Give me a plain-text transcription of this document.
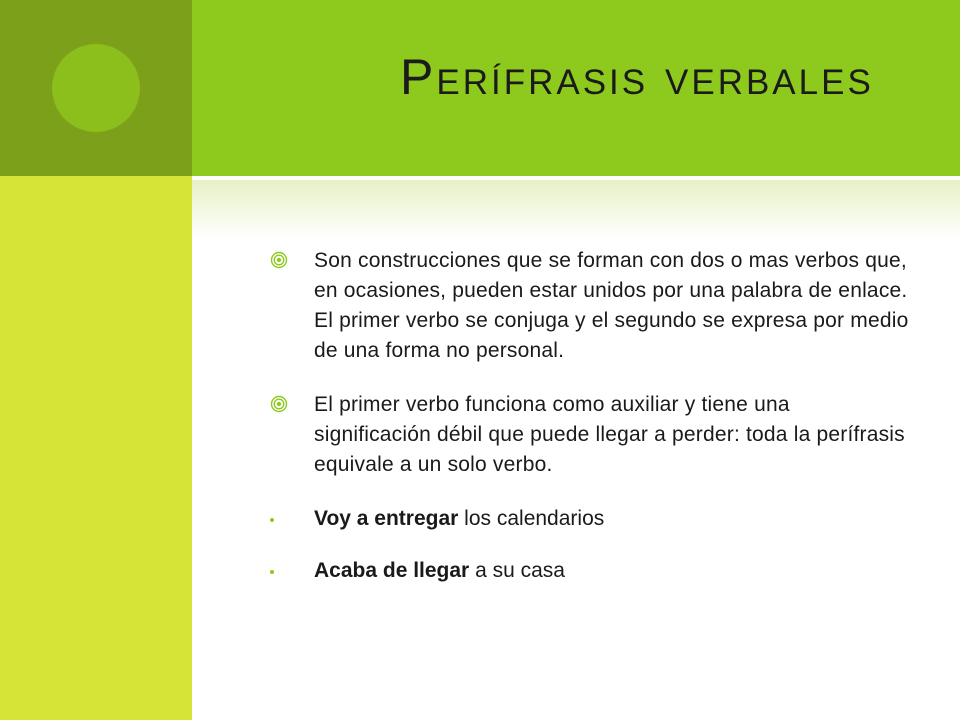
Perífrasis verbales

Son construcciones que se forman con dos o mas verbos que, en ocasiones, pueden estar unidos por una palabra de enlace. El primer verbo se conjuga y el segundo se expresa por medio de una forma no personal.

El primer verbo funciona como auxiliar y tiene una significación débil que puede llegar a perder: toda la perífrasis equivale a un solo verbo.

Voy a entregar los calendarios

Acaba de llegar a su casa
